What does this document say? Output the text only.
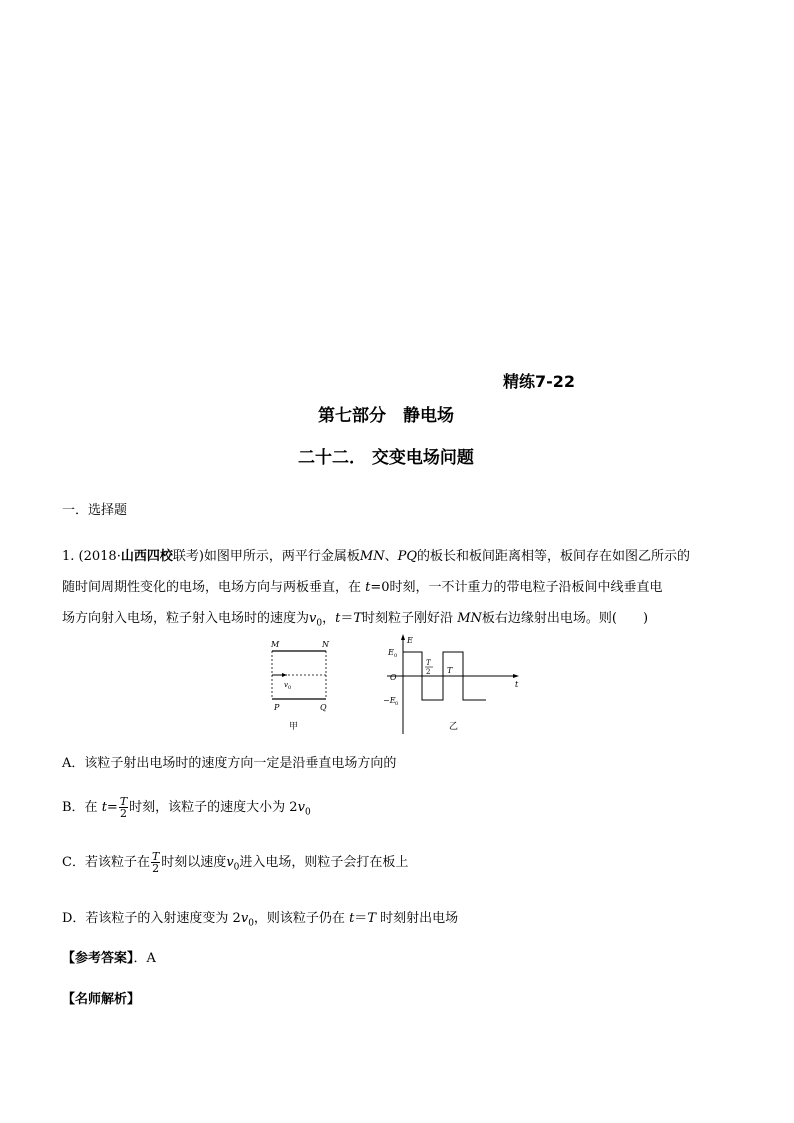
精练7-22
第七部分　静电场
二十二． 交变电场问题
一．选择题
1. (2018·山西四校联考)如图甲所示，两平行金属板MN、PQ的板长和板间距离相等，板间存在如图乙所示的
随时间周期性变化的电场，电场方向与两板垂直，在 t=0时刻，一不计重力的带电粒子沿板间中线垂直电
场方向射入电场，粒子射入电场时的速度为$v_0$，t＝T时刻粒子刚好沿 MN板右边缘射出电场。则(　　)
M	N
P	Q
v 0
甲
E
E 0
O
−E 0
T
2 T
t
乙
A．该粒子射出电场时的速度方向一定是沿垂直电场方向的
B．在 $t= \frac{T}{2}$ 时刻，该粒子的速度大小为 $2v_0$
C．若该粒子在 $\frac{T}{2}$ 时刻以速度$v_0$进入电场，则粒子会打在板上
D．若该粒子的入射速度变为 $2v_0$，则该粒子仍在 t＝T 时刻射出电场
【参考答案】．A
【名师解析】
